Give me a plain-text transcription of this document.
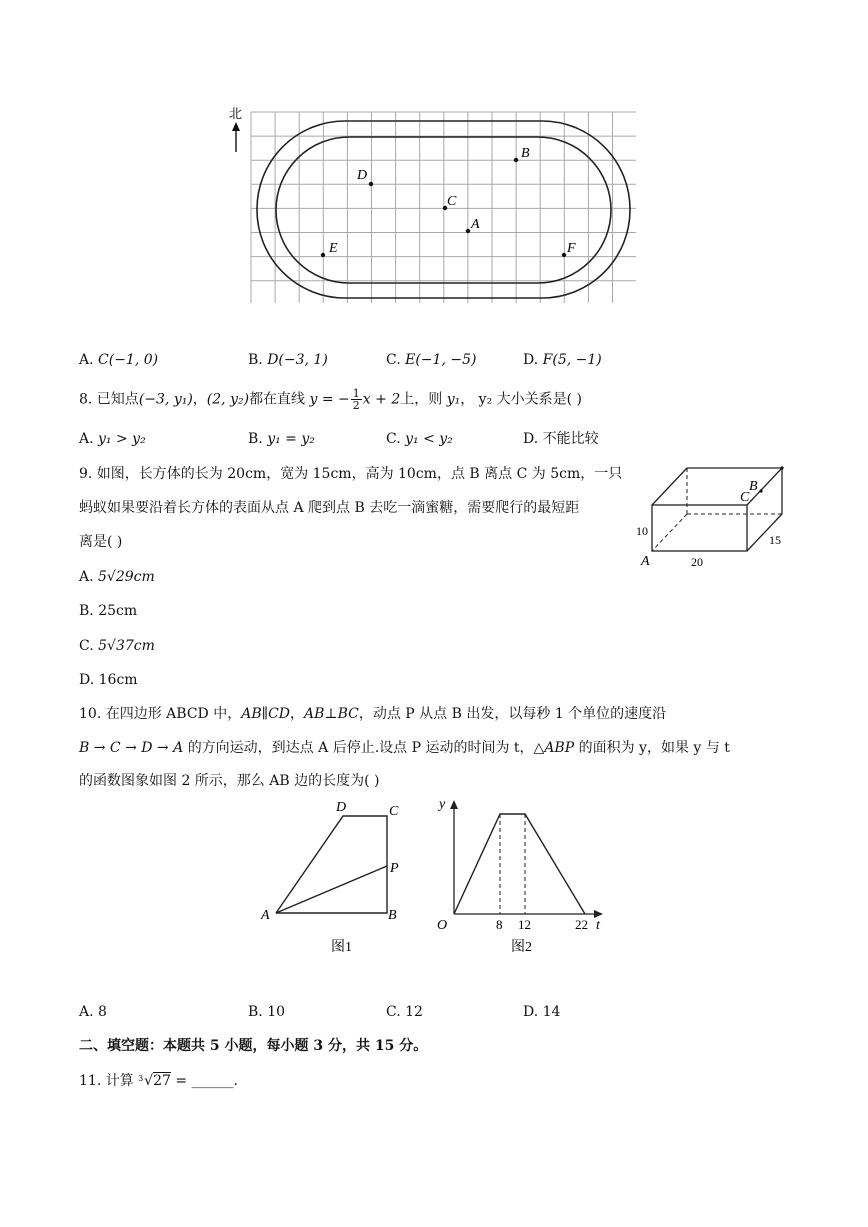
北
B
D
C
A
E	F
A. C(−1, 0)	B. D(−3, 1)	C. E(−1, −5)	D. F(5, −1)
8. 已知点(−3, y₁)，(2, y₂)都在直线 y = − $\frac{1}{2}$ x + 2上，则 y₁， y₂ 大小关系是( )
A. y₁ > y₂	B. y₁ = y₂	C. y₁ < y₂	D. 不能比较
9. 如图，长方体的长为 20cm，宽为 15cm，高为 10cm，点 B 离点 C 为 5cm，一只
蚂蚁如果要沿着长方体的表面从点 A 爬到点 B 去吃一滴蜜糖，需要爬行的最短距
离是( )
B
C
A
10
20
15
A. 5√29cm
B. 25cm
C. 5√37cm
D. 16cm
10. 在四边形 ABCD 中，AB∥CD，AB⊥BC，动点 P 从点 B 出发，以每秒 1 个单位的速度沿
B → C → D → A 的方向运动，到达点 A 后停止.设点 P 运动的时间为 t，△ABP 的面积为 y，如果 y 与 t
的函数图象如图 2 所示，那么 AB 边的长度为( )
D	C
P
A	B
图1
y
O	t
8 12	22
图2
A. 8	B. 10	C. 12	D. 14
二、填空题：本题共 5 小题，每小题 3 分，共 15 分。
11. 计算 3 √27 = ______.
